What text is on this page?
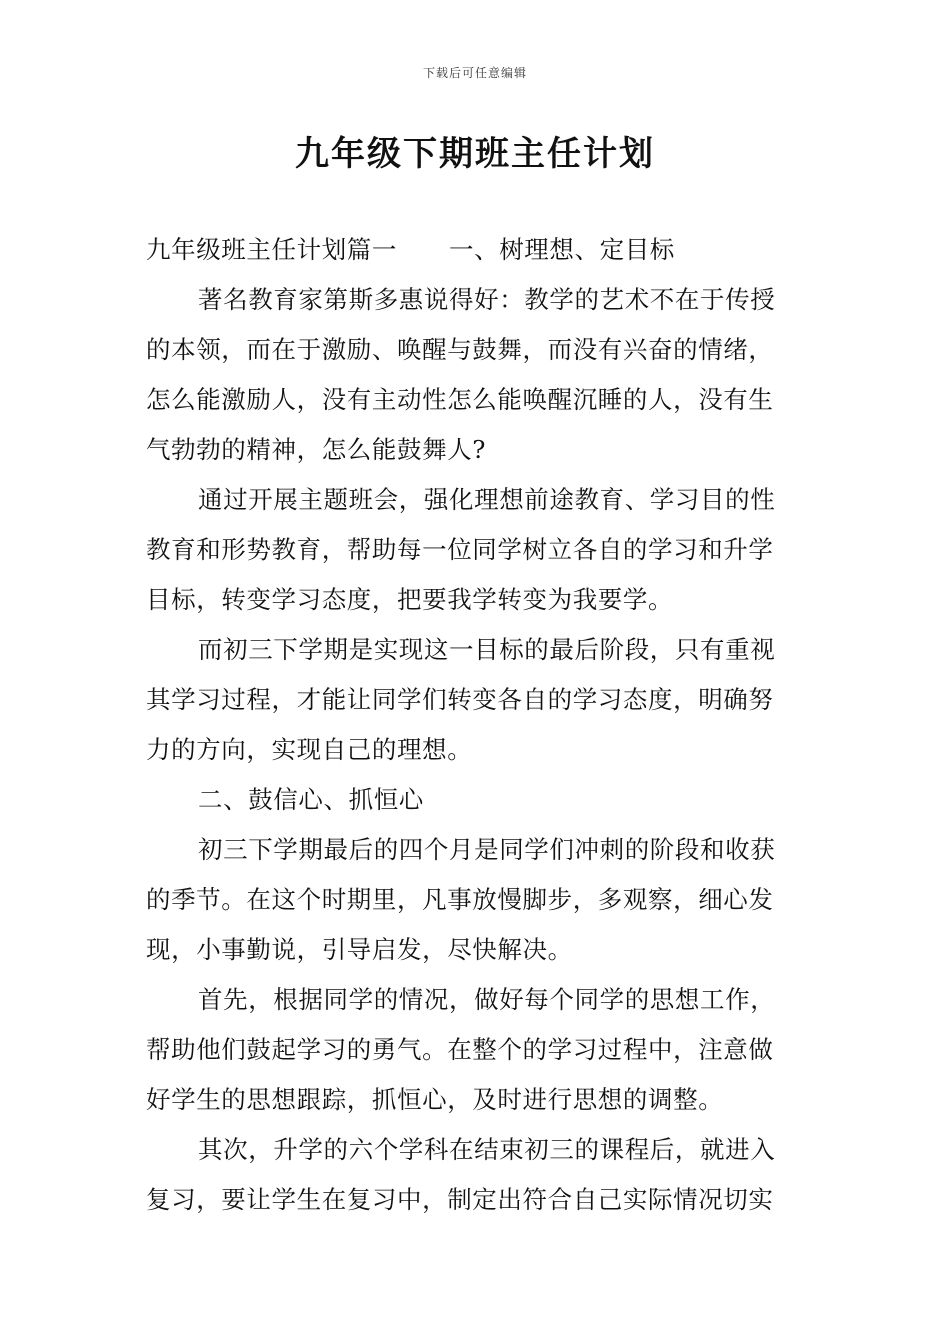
下载后可任意编辑
九年级下期班主任计划
九年级班主任计划篇一 一、树理想、定目标
著名教育家第斯多惠说得好：教学的艺术不在于传授
的本领，而在于激励、唤醒与鼓舞，而没有兴奋的情绪，
怎么能激励人，没有主动性怎么能唤醒沉睡的人，没有生
气勃勃的精神，怎么能鼓舞人?
通过开展主题班会，强化理想前途教育、学习目的性
教育和形势教育，帮助每一位同学树立各自的学习和升学
目标，转变学习态度，把要我学转变为我要学。
而初三下学期是实现这一目标的最后阶段，只有重视
其学习过程，才能让同学们转变各自的学习态度，明确努
力的方向，实现自己的理想。
二、鼓信心、抓恒心
初三下学期最后的四个月是同学们冲刺的阶段和收获
的季节。在这个时期里，凡事放慢脚步，多观察，细心发
现，小事勤说，引导启发，尽快解决。
首先，根据同学的情况，做好每个同学的思想工作，
帮助他们鼓起学习的勇气。在整个的学习过程中，注意做
好学生的思想跟踪，抓恒心，及时进行思想的调整。
其次，升学的六个学科在结束初三的课程后，就进入
复习，要让学生在复习中，制定出符合自己实际情况切实
